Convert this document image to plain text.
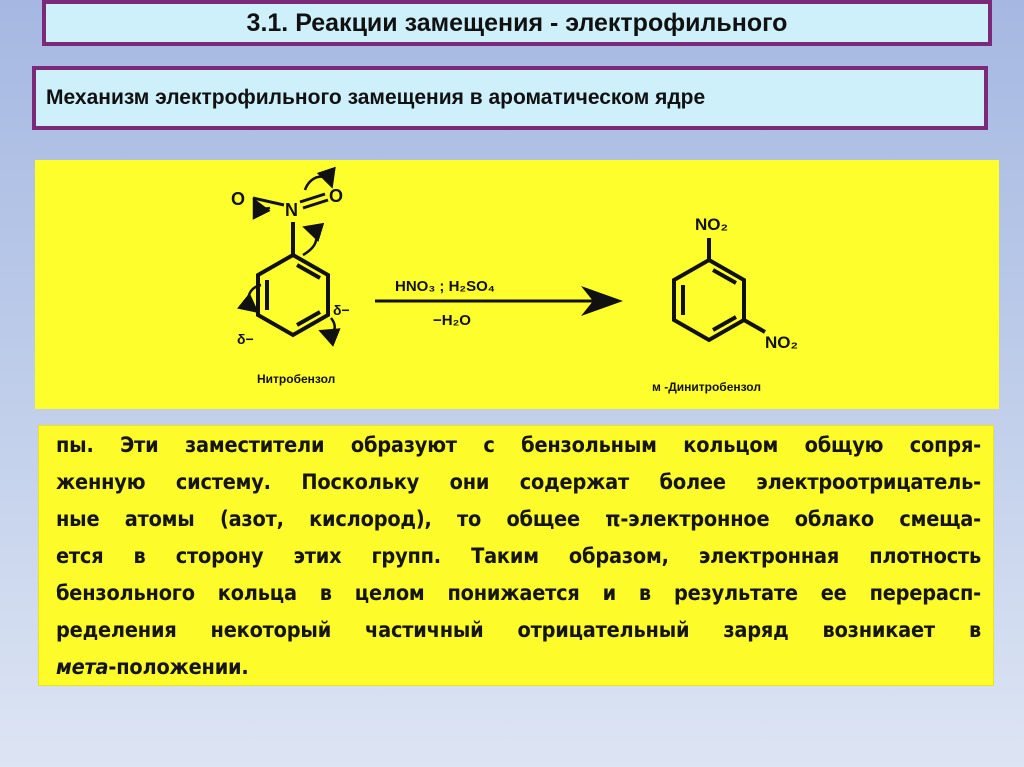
3.1. Реакции замещения - электрофильного
Механизм электрофильного замещения в ароматическом ядре
N
O	O
δ−
δ−
HNO₃ ; H₂SO₄
−H₂O
NO₂
NO₂
Нитробензол
м -Динитробензол

пы. Эти заместители образуют с бензольным кольцом общую сопря-
женную систему. Поскольку они содержат более электроотрицатель-
ные атомы (азот, кислород), то общее π-электронное облако смеща-
ется в сторону этих групп. Таким образом, электронная плотность
бензольного кольца в целом понижается и в результате ее перерасп-
ределения некоторый частичный отрицательный заряд возникает в
мета-положении.
